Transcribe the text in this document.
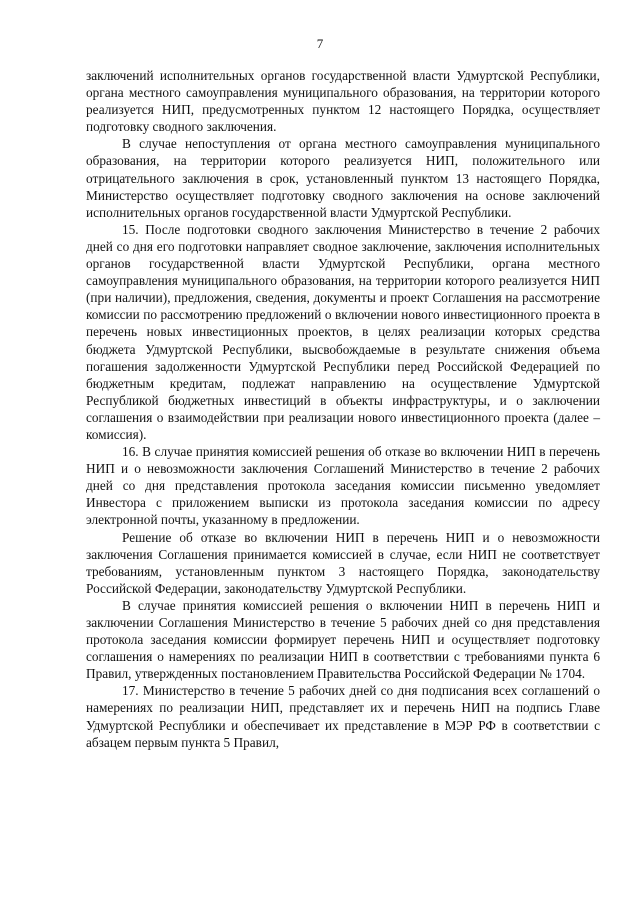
7

заключений исполнительных органов государственной власти Удмуртской Республики, органа местного самоуправления муниципального образования, на территории которого реализуется НИП, предусмотренных пунктом 12 настоящего Порядка, осуществляет подготовку сводного заключения.

В случае непоступления от органа местного самоуправления муниципального образования, на территории которого реализуется НИП, положительного или отрицательного заключения в срок, установленный пунктом 13 настоящего Порядка, Министерство осуществляет подготовку сводного заключения на основе заключений исполнительных органов государственной власти Удмуртской Республики.

15. После подготовки сводного заключения Министерство в течение 2 рабочих дней со дня его подготовки направляет сводное заключение, заключения исполнительных органов государственной власти Удмуртской Республики, органа местного самоуправления муниципального образования, на территории которого реализуется НИП (при наличии), предложения, сведения, документы и проект Соглашения на рассмотрение комиссии по рассмотрению предложений о включении нового инвестиционного проекта в перечень новых инвестиционных проектов, в целях реализации которых средства бюджета Удмуртской Республики, высвобождаемые в результате снижения объема погашения задолженности Удмуртской Республики перед Российской Федерацией по бюджетным кредитам, подлежат направлению на осуществление Удмуртской Республикой бюджетных инвестиций в объекты инфраструктуры, и о заключении соглашения о взаимодействии при реализации нового инвестиционного проекта (далее – комиссия).

16. В случае принятия комиссией решения об отказе во включении НИП в перечень НИП и о невозможности заключения Соглашений Министерство в течение 2 рабочих дней со дня представления протокола заседания комиссии письменно уведомляет Инвестора с приложением выписки из протокола заседания комиссии по адресу электронной почты, указанному в предложении.

Решение об отказе во включении НИП в перечень НИП и о невозможности заключения Соглашения принимается комиссией в случае, если НИП не соответствует требованиям, установленным пунктом 3 настоящего Порядка, законодательству Российской Федерации, законодательству Удмуртской Республики.

В случае принятия комиссией решения о включении НИП в перечень НИП и заключении Соглашения Министерство в течение 5 рабочих дней со дня представления протокола заседания комиссии формирует перечень НИП и осуществляет подготовку соглашения о намерениях по реализации НИП в соответствии с требованиями пункта 6 Правил, утвержденных постановлением Правительства Российской Федерации № 1704.

17. Министерство в течение 5 рабочих дней со дня подписания всех соглашений о намерениях по реализации НИП, представляет их и перечень НИП на подпись Главе Удмуртской Республики и обеспечивает их представление в МЭР РФ в соответствии с абзацем первым пункта 5 Правил,
